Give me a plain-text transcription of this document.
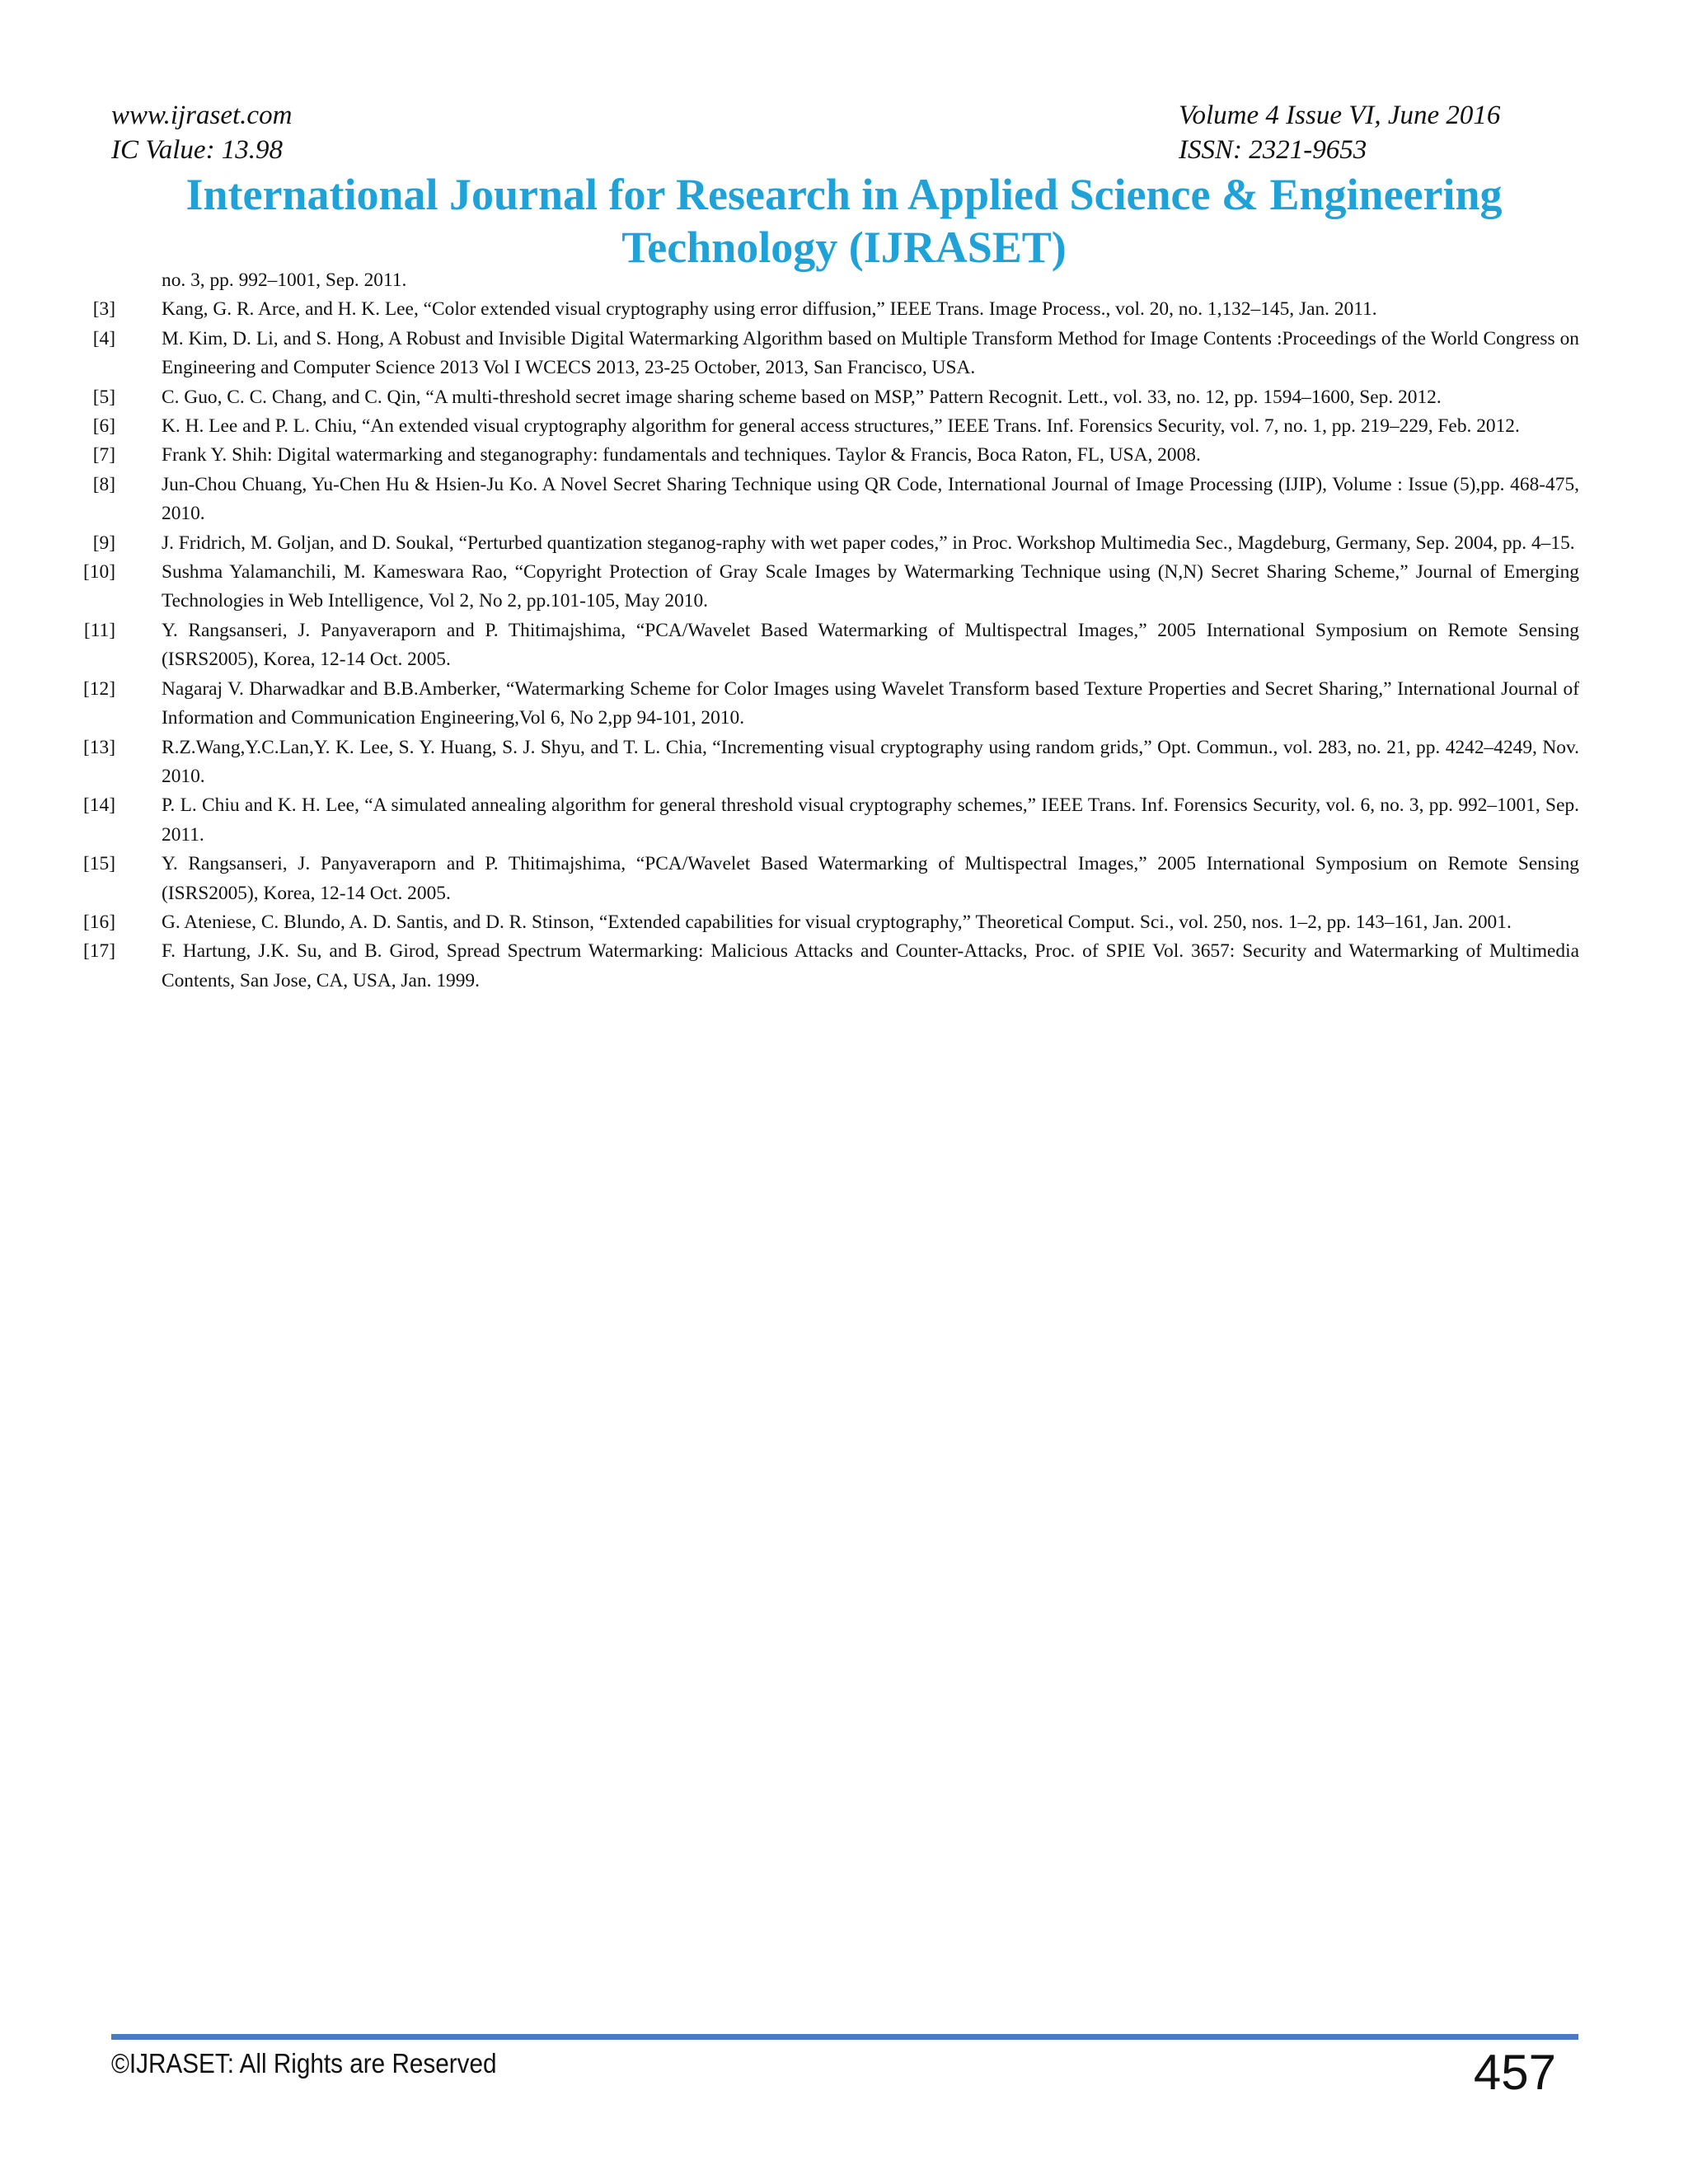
www.ijraset.com
IC Value: 13.98
Volume 4 Issue VI, June 2016
ISSN: 2321-9653
International Journal for Research in Applied Science & Engineering Technology (IJRASET)
no. 3, pp. 992–1001, Sep. 2011.
[3] Kang, G. R. Arce, and H. K. Lee, “Color extended visual cryptography using error diffusion,” IEEE Trans. Image Process., vol. 20, no. 1,132–145, Jan. 2011.
[4] M. Kim, D. Li, and S. Hong, A Robust and Invisible Digital Watermarking Algorithm based on Multiple Transform Method for Image Contents :Proceedings of the World Congress on Engineering and Computer Science 2013 Vol I WCECS 2013, 23-25 October, 2013, San Francisco, USA.
[5] C. Guo, C. C. Chang, and C. Qin, “A multi-threshold secret image sharing scheme based on MSP,” Pattern Recognit. Lett., vol. 33, no. 12, pp. 1594–1600, Sep. 2012.
[6] K. H. Lee and P. L. Chiu, “An extended visual cryptography algorithm for general access structures,” IEEE Trans. Inf. Forensics Security, vol. 7, no. 1, pp. 219–229, Feb. 2012.
[7] Frank Y. Shih: Digital watermarking and steganography: fundamentals and techniques. Taylor & Francis, Boca Raton, FL, USA, 2008.
[8] Jun-Chou Chuang, Yu-Chen Hu & Hsien-Ju Ko. A Novel Secret Sharing Technique using QR Code, International Journal of Image Processing (IJIP), Volume : Issue (5),pp. 468-475, 2010.
[9] J. Fridrich, M. Goljan, and D. Soukal, “Perturbed quantization steganog-raphy with wet paper codes,” in Proc. Workshop Multimedia Sec., Magdeburg, Germany, Sep. 2004, pp. 4–15.
[10] Sushma Yalamanchili, M. Kameswara Rao, “Copyright Protection of Gray Scale Images by Watermarking Technique using (N,N) Secret Sharing Scheme,” Journal of Emerging Technologies in Web Intelligence, Vol 2, No 2, pp.101-105, May 2010.
[11] Y. Rangsanseri, J. Panyaveraporn and P. Thitimajshima, “PCA/Wavelet Based Watermarking of Multispectral Images,” 2005 International Symposium on Remote Sensing (ISRS2005), Korea, 12-14 Oct. 2005.
[12] Nagaraj V. Dharwadkar and B.B.Amberker, “Watermarking Scheme for Color Images using Wavelet Transform based Texture Properties and Secret Sharing,” International Journal of Information and Communication Engineering,Vol 6, No 2,pp 94-101, 2010.
[13] R.Z.Wang,Y.C.Lan,Y. K. Lee, S. Y. Huang, S. J. Shyu, and T. L. Chia, “Incrementing visual cryptography using random grids,” Opt. Commun., vol. 283, no. 21, pp. 4242–4249, Nov. 2010.
[14] P. L. Chiu and K. H. Lee, “A simulated annealing algorithm for general threshold visual cryptography schemes,” IEEE Trans. Inf. Forensics Security, vol. 6, no. 3, pp. 992–1001, Sep. 2011.
[15] Y. Rangsanseri, J. Panyaveraporn and P. Thitimajshima, “PCA/Wavelet Based Watermarking of Multispectral Images,” 2005 International Symposium on Remote Sensing (ISRS2005), Korea, 12-14 Oct. 2005.
[16] G. Ateniese, C. Blundo, A. D. Santis, and D. R. Stinson, “Extended capabilities for visual cryptography,” Theoretical Comput. Sci., vol. 250, nos. 1–2, pp. 143–161, Jan. 2001.
[17] F. Hartung, J.K. Su, and B. Girod, Spread Spectrum Watermarking: Malicious Attacks and Counter-Attacks, Proc. of SPIE Vol. 3657: Security and Watermarking of Multimedia Contents, San Jose, CA, USA, Jan. 1999.
©IJRASET: All Rights are Reserved	457
